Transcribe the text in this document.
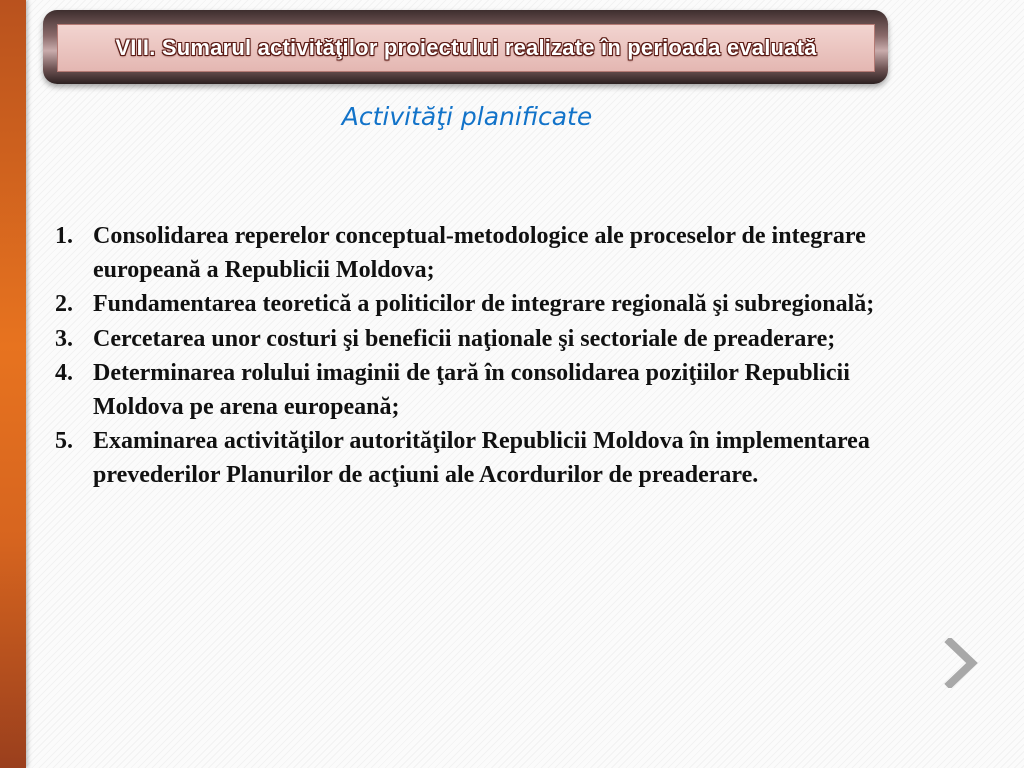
VIII. Sumarul activităţilor proiectului realizate în perioada evaluată
Activităţi planificate
1. Consolidarea reperelor conceptual-metodologice ale proceselor de integrare europeană a Republicii Moldova;
2. Fundamentarea teoretică a politicilor de integrare regională şi subregională;
3. Cercetarea unor costuri şi beneficii naţionale şi sectoriale de preaderare;
4. Determinarea rolului imaginii de ţară în consolidarea poziţiilor Republicii Moldova pe arena europeană;
5. Examinarea activităţilor autorităţilor Republicii Moldova în implementarea prevederilor Planurilor de acţiuni ale Acordurilor de preaderare.
